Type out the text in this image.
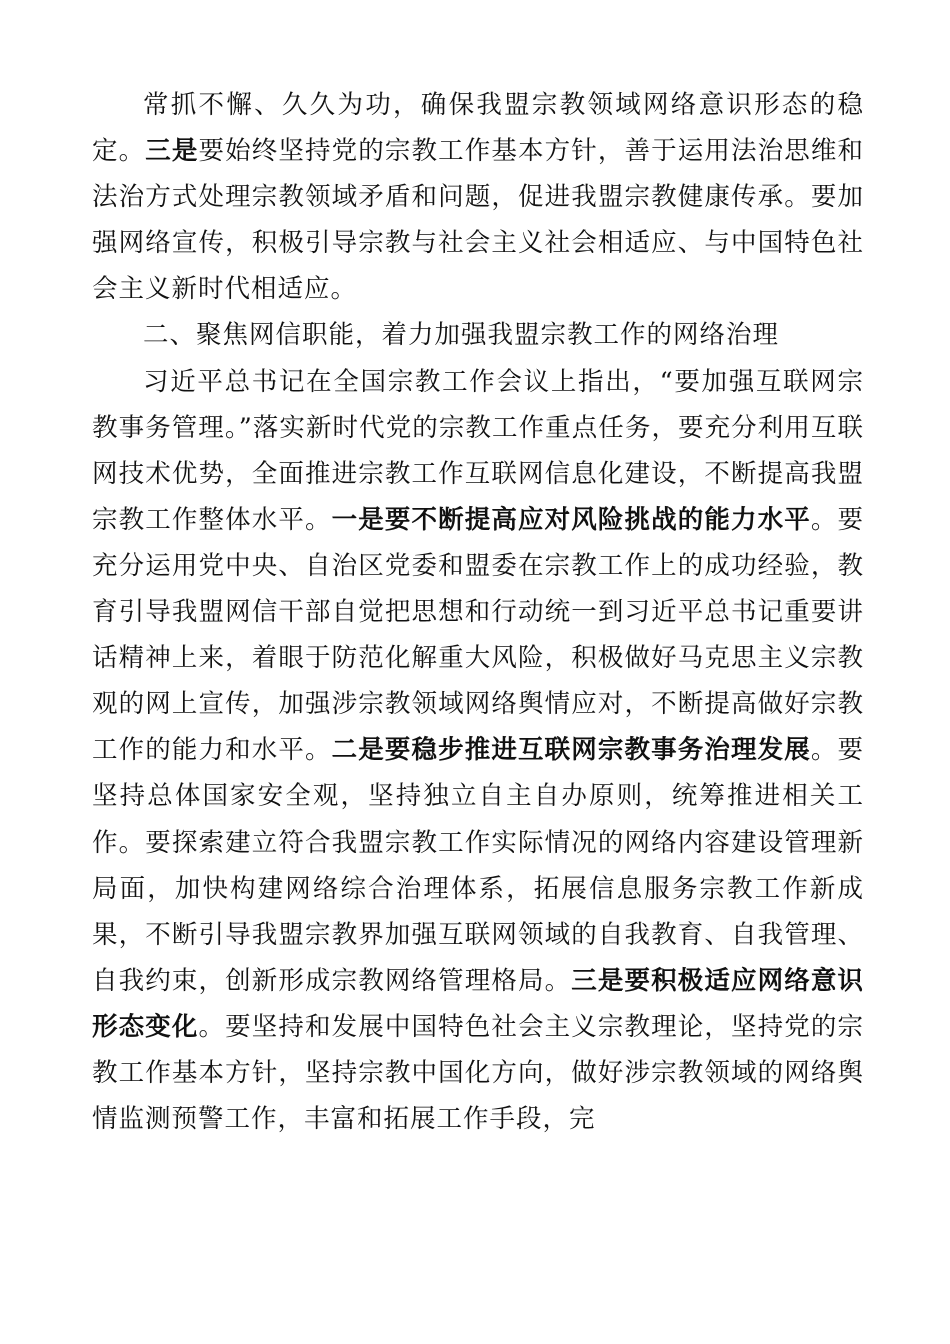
常抓不懈、久久为功，确保我盟宗教领域网络意识形态的稳定。三是要始终坚持党的宗教工作基本方针，善于运用法治思维和法治方式处理宗教领域矛盾和问题，促进我盟宗教健康传承。要加强网络宣传，积极引导宗教与社会主义社会相适应、与中国特色社会主义新时代相适应。

二、聚焦网信职能，着力加强我盟宗教工作的网络治理

习近平总书记在全国宗教工作会议上指出，“要加强互联网宗教事务管理。”落实新时代党的宗教工作重点任务，要充分利用互联网技术优势，全面推进宗教工作互联网信息化建设，不断提高我盟宗教工作整体水平。一是要不断提高应对风险挑战的能力水平。要充分运用党中央、自治区党委和盟委在宗教工作上的成功经验，教育引导我盟网信干部自觉把思想和行动统一到习近平总书记重要讲话精神上来，着眼于防范化解重大风险，积极做好马克思主义宗教观的网上宣传，加强涉宗教领域网络舆情应对，不断提高做好宗教工作的能力和水平。二是要稳步推进互联网宗教事务治理发展。要坚持总体国家安全观，坚持独立自主自办原则，统筹推进相关工作。要探索建立符合我盟宗教工作实际情况的网络内容建设管理新局面，加快构建网络综合治理体系，拓展信息服务宗教工作新成果，不断引导我盟宗教界加强互联网领域的自我教育、自我管理、自我约束，创新形成宗教网络管理格局。三是要积极适应网络意识形态变化。要坚持和发展中国特色社会主义宗教理论，坚持党的宗教工作基本方针，坚持宗教中国化方向，做好涉宗教领域的网络舆情监测预警工作，丰富和拓展工作手段，完
